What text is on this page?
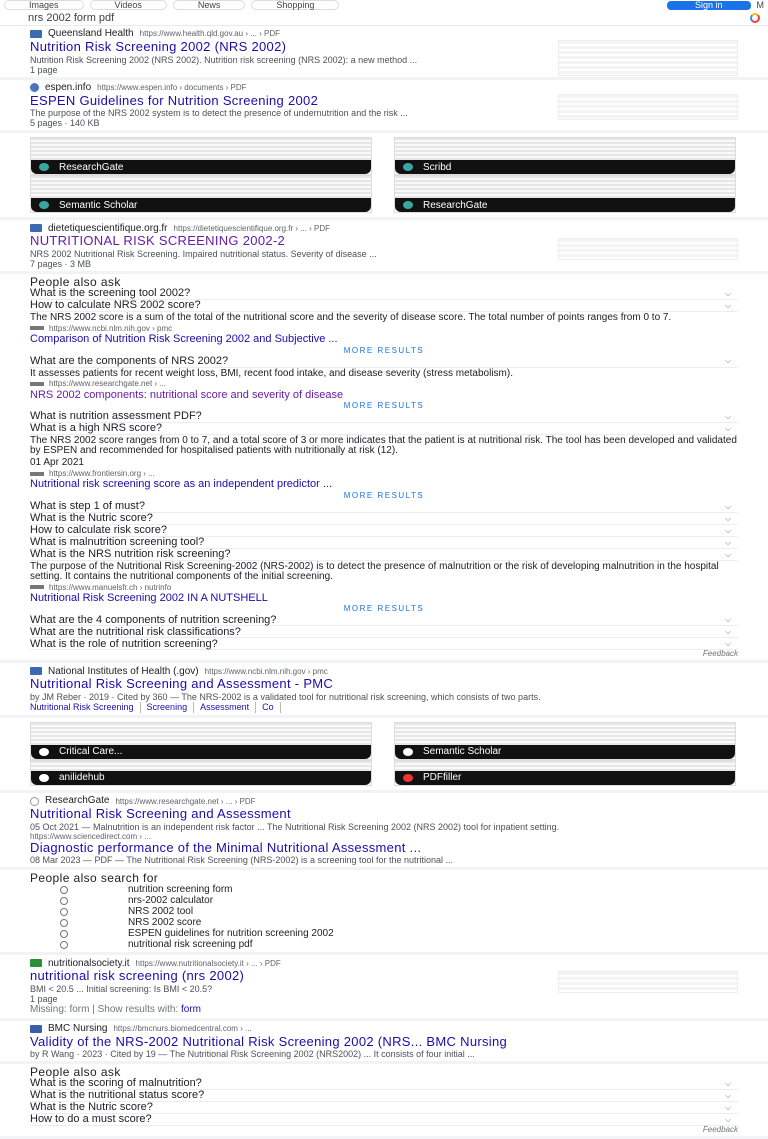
Images	Videos	News	Shopping	Sign in	M
nrs 2002 form pdf
Queensland Health https://www.health.qld.gov.au › ... › PDF
Nutrition Risk Screening 2002 (NRS 2002)
Nutrition Risk Screening 2002 (NRS 2002). Nutrition risk screening (NRS 2002): a new method ...
1 page
espen.info https://www.espen.info › documents › PDF
ESPEN Guidelines for Nutrition Screening 2002
The purpose of the NRS 2002 system is to detect the presence of undernutrition and the risk ...
5 pages · 140 KB
ResearchGate
Semantic Scholar
Scribd
ResearchGate
dietetiquescientifique.org.fr https://dietetiquescientifique.org.fr › ... › PDF
NUTRITIONAL RISK SCREENING 2002-2
NRS 2002 Nutritional Risk Screening. Impaired nutritional status. Severity of disease ...
7 pages · 3 MB
People also ask
What is the screening tool 2002?	⌵
How to calculate NRS 2002 score?	⌵
The NRS 2002 score is a sum of the total of the nutritional score and the severity of disease score. The total number of points ranges from 0 to 7.
https://www.ncbi.nlm.nih.gov › pmc
Comparison of Nutrition Risk Screening 2002 and Subjective ...
MORE RESULTS
What are the components of NRS 2002?	⌵
It assesses patients for recent weight loss, BMI, recent food intake, and disease severity (stress metabolism).
https://www.researchgate.net › ...
NRS 2002 components: nutritional score and severity of disease
MORE RESULTS
What is nutrition assessment PDF?	⌵
What is a high NRS score?	⌵
The NRS 2002 score ranges from 0 to 7, and a total score of 3 or more indicates that the patient is at nutritional risk. The tool has been developed and validated by ESPEN and recommended for hospitalised patients with nutritionally at risk (12).
01 Apr 2021
https://www.frontiersin.org › ...
Nutritional risk screening score as an independent predictor ...
MORE RESULTS
What is step 1 of must?	⌵
What is the Nutric score?	⌵
How to calculate risk score?	⌵
What is malnutrition screening tool?	⌵
What is the NRS nutrition risk screening?	⌵
The purpose of the Nutritional Risk Screening-2002 (NRS-2002) is to detect the presence of malnutrition or the risk of developing malnutrition in the hospital setting. It contains the nutritional components of the initial screening.
https://www.manuelsfr.ch › nutrinfo
Nutritional Risk Screening 2002 IN A NUTSHELL
MORE RESULTS
What are the 4 components of nutrition screening?	⌵
What are the nutritional risk classifications?	⌵
What is the role of nutrition screening?	⌵
Feedback
National Institutes of Health (.gov) https://www.ncbi.nlm.nih.gov › pmc
Nutritional Risk Screening and Assessment - PMC
by JM Reber · 2019 · Cited by 360 — The NRS-2002 is a validated tool for nutritional risk screening, which consists of two parts.
Nutritional Risk Screening	Screening	Assessment	Co
Critical Care...
anilidehub
Semantic Scholar
PDFfiller
ResearchGate https://www.researchgate.net › ... › PDF
Nutritional Risk Screening and Assessment
05 Oct 2021 — Malnutrition is an independent risk factor ... The Nutritional Risk Screening 2002 (NRS 2002) tool for inpatient setting.
https://www.sciencedirect.com › ...
Diagnostic performance of the Minimal Nutritional Assessment ...
08 Mar 2023 — PDF — The Nutritional Risk Screening (NRS-2002) is a screening tool for the nutritional ...
People also search for
nutrition screening form
nrs-2002 calculator
NRS 2002 tool
NRS 2002 score
ESPEN guidelines for nutrition screening 2002
nutritional risk screening pdf
nutritionalsociety.it https://www.nutritionalsociety.it › ... › PDF
nutritional risk screening (nrs 2002)
BMI < 20.5 ... Initial screening: Is BMI < 20.5?
1 page
Missing: form | Show results with: form
BMC Nursing https://bmcnurs.biomedcentral.com › ...
Validity of the NRS-2002 Nutritional Risk Screening 2002 (NRS... BMC Nursing
by R Wang · 2023 · Cited by 19 — The Nutritional Risk Screening 2002 (NRS2002) ... It consists of four initial ...
People also ask
What is the scoring of malnutrition?	⌵
What is the nutritional status score?	⌵
What is the Nutric score?	⌵
How to do a must score?	⌵
Feedback
